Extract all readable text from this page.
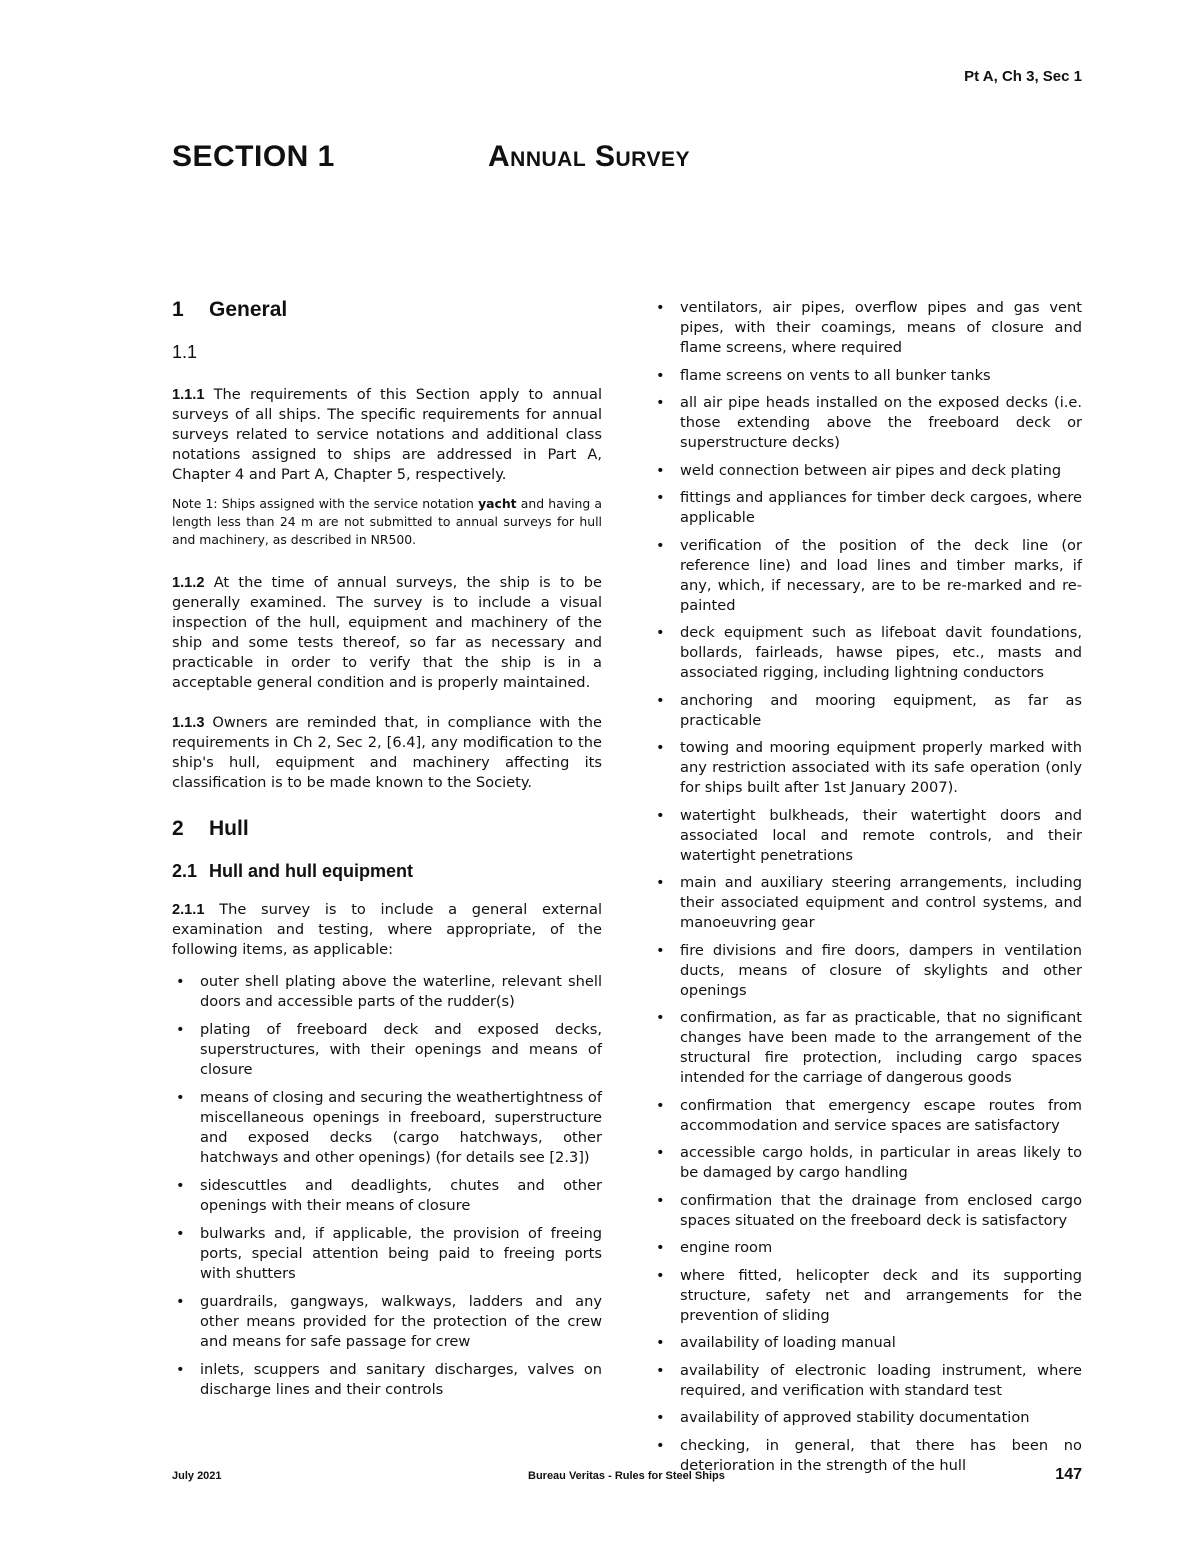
Pt A, Ch 3, Sec 1
SECTION 1	Annual Survey
1 General
1.1

1.1.1 The requirements of this Section apply to annual surveys of all ships. The specific requirements for annual surveys related to service notations and additional class notations assigned to ships are addressed in Part A, Chapter 4 and Part A, Chapter 5, respectively.

Note 1: Ships assigned with the service notation yacht and having a length less than 24 m are not submitted to annual surveys for hull and machinery, as described in NR500.

1.1.2 At the time of annual surveys, the ship is to be generally examined. The survey is to include a visual inspection of the hull, equipment and machinery of the ship and some tests thereof, so far as necessary and practicable in order to verify that the ship is in a acceptable general condition and is properly maintained.

1.1.3 Owners are reminded that, in compliance with the requirements in Ch 2, Sec 2, [6.4], any modification to the ship's hull, equipment and machinery affecting its classification is to be made known to the Society.

2 Hull
2.1 Hull and hull equipment

2.1.1 The survey is to include a general external examination and testing, where appropriate, of the following items, as applicable:

• outer shell plating above the waterline, relevant shell doors and accessible parts of the rudder(s)
• plating of freeboard deck and exposed decks, superstructures, with their openings and means of closure
• means of closing and securing the weathertightness of miscellaneous openings in freeboard, superstructure and exposed decks (cargo hatchways, other hatchways and other openings) (for details see [2.3])
• sidescuttles and deadlights, chutes and other openings with their means of closure
• bulwarks and, if applicable, the provision of freeing ports, special attention being paid to freeing ports with shutters
• guardrails, gangways, walkways, ladders and any other means provided for the protection of the crew and means for safe passage for crew
• inlets, scuppers and sanitary discharges, valves on discharge lines and their controls
• ventilators, air pipes, overflow pipes and gas vent pipes, with their coamings, means of closure and flame screens, where required
• flame screens on vents to all bunker tanks
• all air pipe heads installed on the exposed decks (i.e. those extending above the freeboard deck or superstructure decks)
• weld connection between air pipes and deck plating
• fittings and appliances for timber deck cargoes, where applicable
• verification of the position of the deck line (or reference line) and load lines and timber marks, if any, which, if necessary, are to be re-marked and re-painted
• deck equipment such as lifeboat davit foundations, bollards, fairleads, hawse pipes, etc., masts and associated rigging, including lightning conductors
• anchoring and mooring equipment, as far as practicable
• towing and mooring equipment properly marked with any restriction associated with its safe operation (only for ships built after 1st January 2007).
• watertight bulkheads, their watertight doors and associated local and remote controls, and their watertight penetrations
• main and auxiliary steering arrangements, including their associated equipment and control systems, and manoeuvring gear
• fire divisions and fire doors, dampers in ventilation ducts, means of closure of skylights and other openings
• confirmation, as far as practicable, that no significant changes have been made to the arrangement of the structural fire protection, including cargo spaces intended for the carriage of dangerous goods
• confirmation that emergency escape routes from accommodation and service spaces are satisfactory
• accessible cargo holds, in particular in areas likely to be damaged by cargo handling
• confirmation that the drainage from enclosed cargo spaces situated on the freeboard deck is satisfactory
• engine room
• where fitted, helicopter deck and its supporting structure, safety net and arrangements for the prevention of sliding
• availability of loading manual
• availability of electronic loading instrument, where required, and verification with standard test
• availability of approved stability documentation
• checking, in general, that there has been no deterioration in the strength of the hull
July 2021	Bureau Veritas - Rules for Steel Ships	147
